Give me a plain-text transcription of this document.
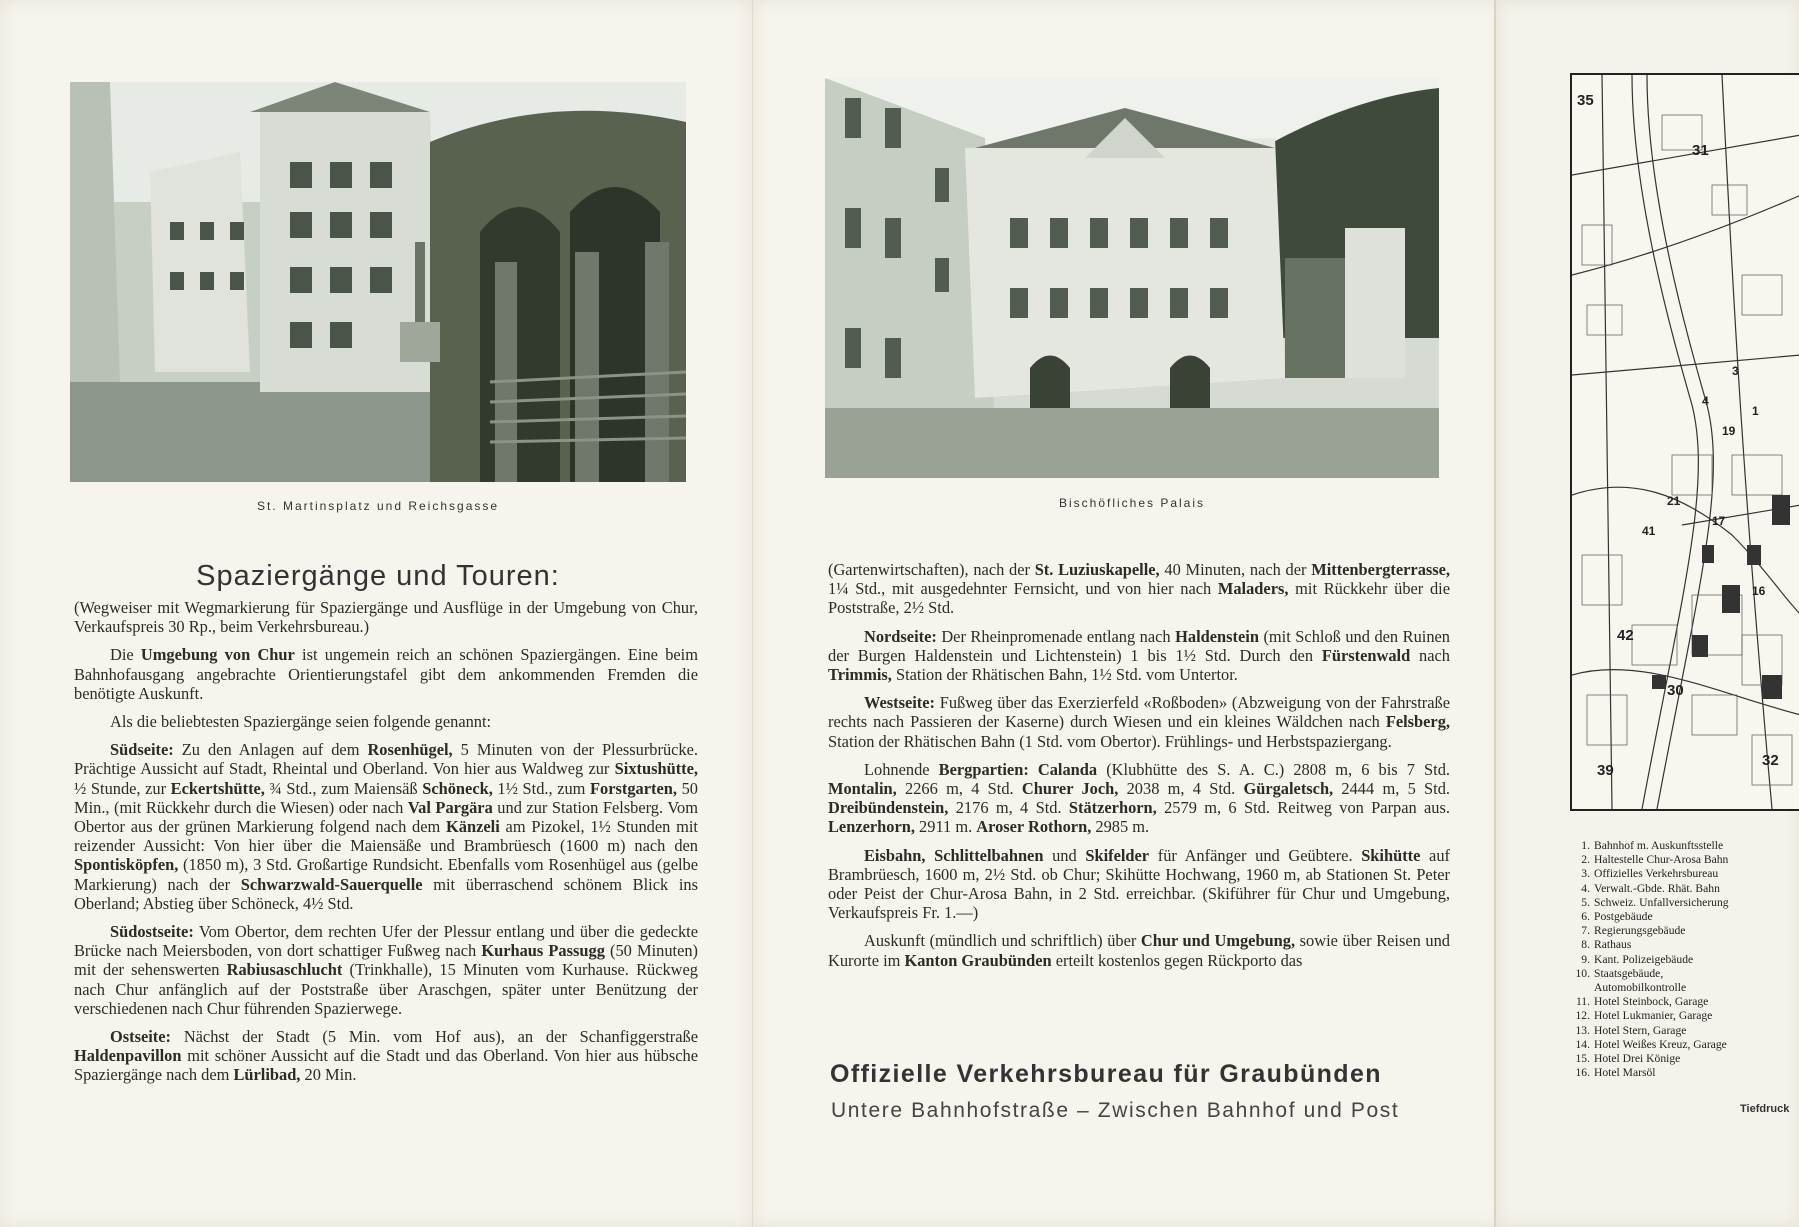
St. Martinsplatz und Reichsgasse
Spaziergänge und Touren:

(Wegweiser mit Wegmarkierung für Spaziergänge und Ausflüge in der Umgebung von Chur, Verkaufspreis 30 Rp., beim Verkehrsbureau.)

Die Umgebung von Chur ist ungemein reich an schönen Spaziergängen. Eine beim Bahnhofausgang angebrachte Orientierungstafel gibt dem ankommenden Fremden die benötigte Auskunft.

Als die beliebtesten Spaziergänge seien folgende genannt:

Südseite: Zu den Anlagen auf dem Rosenhügel, 5 Minuten von der Plessurbrücke. Prächtige Aussicht auf Stadt, Rheintal und Oberland. Von hier aus Waldweg zur Sixtushütte, ½ Stunde, zur Eckertshütte, ¾ Std., zum Maiensäß Schöneck, 1½ Std., zum Forstgarten, 50 Min., (mit Rückkehr durch die Wiesen) oder nach Val Pargära und zur Station Felsberg. Vom Obertor aus der grünen Markierung folgend nach dem Känzeli am Pizokel, 1½ Stunden mit reizender Aussicht: Von hier über die Maiensäße und Brambrüesch (1600 m) nach den Spontisköpfen, (1850 m), 3 Std. Großartige Rundsicht. Ebenfalls vom Rosenhügel aus (gelbe Markierung) nach der Schwarzwald-Sauerquelle mit überraschend schönem Blick ins Oberland; Abstieg über Schöneck, 4½ Std.

Südostseite: Vom Obertor, dem rechten Ufer der Plessur entlang und über die gedeckte Brücke nach Meiersboden, von dort schattiger Fußweg nach Kurhaus Passugg (50 Minuten) mit der sehenswerten Rabiusaschlucht (Trinkhalle), 15 Minuten vom Kurhause. Rückweg nach Chur anfänglich auf der Poststraße über Araschgen, später unter Benützung der verschiedenen nach Chur führenden Spazierwege.

Ostseite: Nächst der Stadt (5 Min. vom Hof aus), an der Schanfiggerstraße Haldenpavillon mit schöner Aussicht auf die Stadt und das Oberland. Von hier aus hübsche Spaziergänge nach dem Lürlibad, 20 Min.

Bischöfliches Palais

(Gartenwirtschaften), nach der St. Luziuskapelle, 40 Minuten, nach der Mittenbergterrasse, 1¼ Std., mit ausgedehnter Fernsicht, und von hier nach Maladers, mit Rückkehr über die Poststraße, 2½ Std.

Nordseite: Der Rheinpromenade entlang nach Haldenstein (mit Schloß und den Ruinen der Burgen Haldenstein und Lichtenstein) 1 bis 1½ Std. Durch den Fürstenwald nach Trimmis, Station der Rhätischen Bahn, 1½ Std. vom Untertor.

Westseite: Fußweg über das Exerzierfeld «Roßboden» (Abzweigung von der Fahrstraße rechts nach Passieren der Kaserne) durch Wiesen und ein kleines Wäldchen nach Felsberg, Station der Rhätischen Bahn (1 Std. vom Obertor). Frühlings- und Herbstspaziergang.

Lohnende Bergpartien: Calanda (Klubhütte des S. A. C.) 2808 m, 6 bis 7 Std. Montalin, 2266 m, 4 Std. Churer Joch, 2038 m, 4 Std. Gürgaletsch, 2444 m, 5 Std. Dreibündenstein, 2176 m, 4 Std. Stätzerhorn, 2579 m, 6 Std. Reitweg von Parpan aus. Lenzerhorn, 2911 m. Aroser Rothorn, 2985 m.

Eisbahn, Schlittelbahnen und Skifelder für Anfänger und Geübtere. Skihütte auf Brambrüesch, 1600 m, 2½ Std. ob Chur; Skihütte Hochwang, 1960 m, ab Stationen St. Peter oder Peist der Chur-Arosa Bahn, in 2 Std. erreichbar. (Skiführer für Chur und Umgebung, Verkaufspreis Fr. 1.—)

Auskunft (mündlich und schriftlich) über Chur und Umgebung, sowie über Reisen und Kurorte im Kanton Graubünden erteilt kostenlos gegen Rückporto das

Offizielle Verkehrsbureau für Graubünden
Untere Bahnhofstraße – Zwischen Bahnhof und Post
35
31
42
30
39
32
16
17
4
21
19
1
41
3
1. Bahnhof m. Auskunftsstelle
2. Haltestelle Chur-Arosa Bahn
3. Offizielles Verkehrsbureau
4. Verwalt.-Gbde. Rhät. Bahn
5. Schweiz. Unfallversicherung
6. Postgebäude
7. Regierungsgebäude
8. Rathaus
9. Kant. Polizeigebäude
10. Staatsgebäude,
Automobilkontrolle
11. Hotel Steinbock, Garage
12. Hotel Lukmanier, Garage
13. Hotel Stern, Garage
14. Hotel Weißes Kreuz, Garage
15. Hotel Drei Könige
16. Hotel Marsöl
Tiefdruck
